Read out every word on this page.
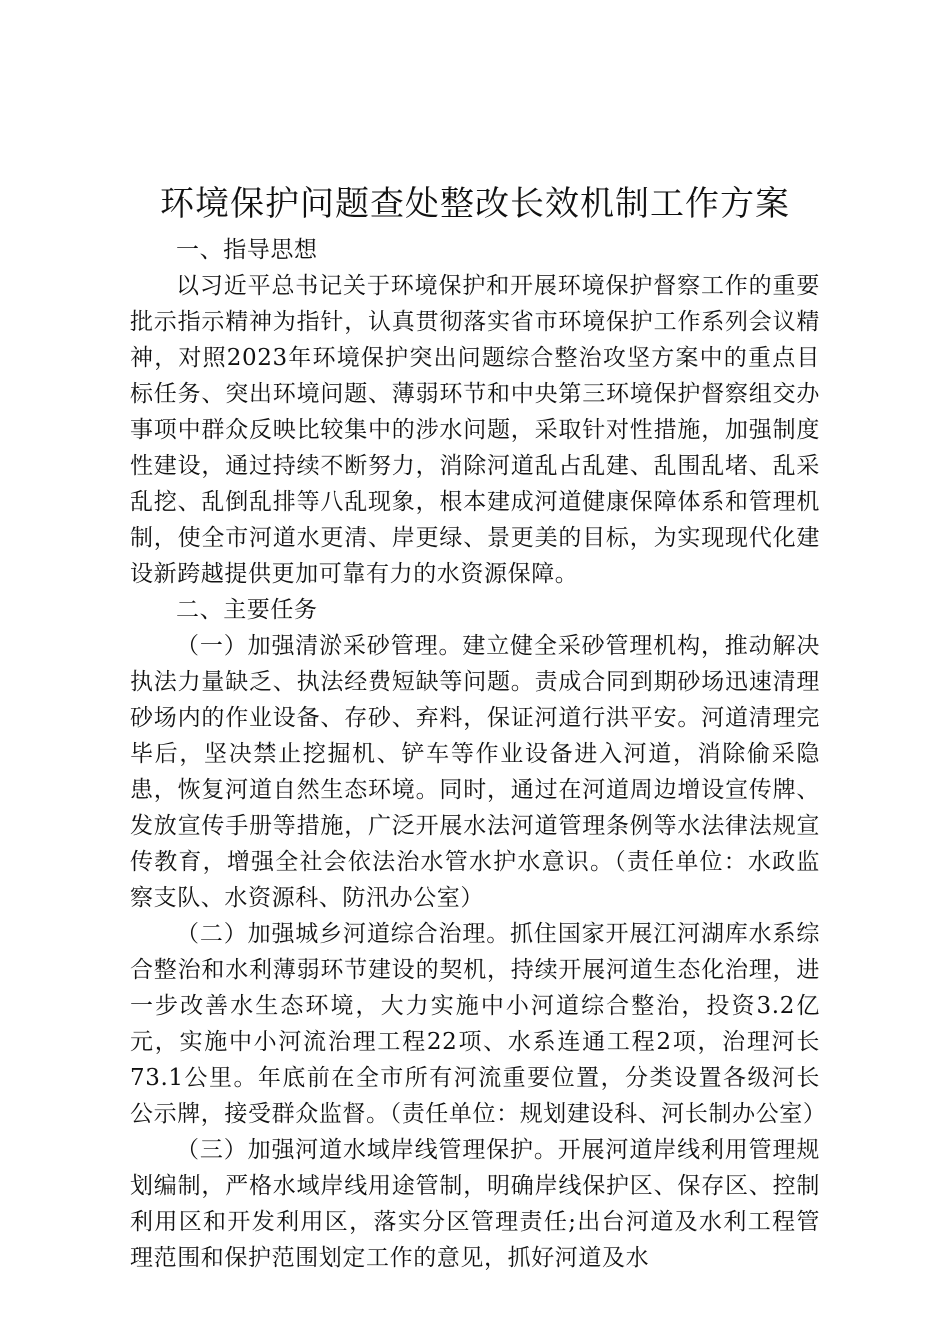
环境保护问题查处整改长效机制工作方案

一、指导思想

以习近平总书记关于环境保护和开展环境保护督察工作的重要批示指示精神为指针，认真贯彻落实省市环境保护工作系列会议精神，对照2023年环境保护突出问题综合整治攻坚方案中的重点目标任务、突出环境问题、薄弱环节和中央第三环境保护督察组交办事项中群众反映比较集中的涉水问题，采取针对性措施，加强制度性建设，通过持续不断努力，消除河道乱占乱建、乱围乱堵、乱采乱挖、乱倒乱排等八乱现象，根本建成河道健康保障体系和管理机制，使全市河道水更清、岸更绿、景更美的目标，为实现现代化建设新跨越提供更加可靠有力的水资源保障。

二、主要任务

（一）加强清淤采砂管理。建立健全采砂管理机构，推动解决执法力量缺乏、执法经费短缺等问题。责成合同到期砂场迅速清理砂场内的作业设备、存砂、弃料，保证河道行洪平安。河道清理完毕后，坚决禁止挖掘机、铲车等作业设备进入河道，消除偷采隐患，恢复河道自然生态环境。同时，通过在河道周边增设宣传牌、发放宣传手册等措施，广泛开展水法河道管理条例等水法律法规宣传教育，增强全社会依法治水管水护水意识。（责任单位：水政监察支队、水资源科、防汛办公室）

（二）加强城乡河道综合治理。抓住国家开展江河湖库水系综合整治和水利薄弱环节建设的契机，持续开展河道生态化治理，进一步改善水生态环境，大力实施中小河道综合整治，投资3.2亿元，实施中小河流治理工程22项、水系连通工程2项，治理河长73.1公里。年底前在全市所有河流重要位置，分类设置各级河长公示牌，接受群众监督。（责任单位：规划建设科、河长制办公室）

（三）加强河道水域岸线管理保护。开展河道岸线利用管理规划编制，严格水域岸线用途管制，明确岸线保护区、保存区、控制利用区和开发利用区，落实分区管理责任;出台河道及水利工程管理范围和保护范围划定工作的意见，抓好河道及水
